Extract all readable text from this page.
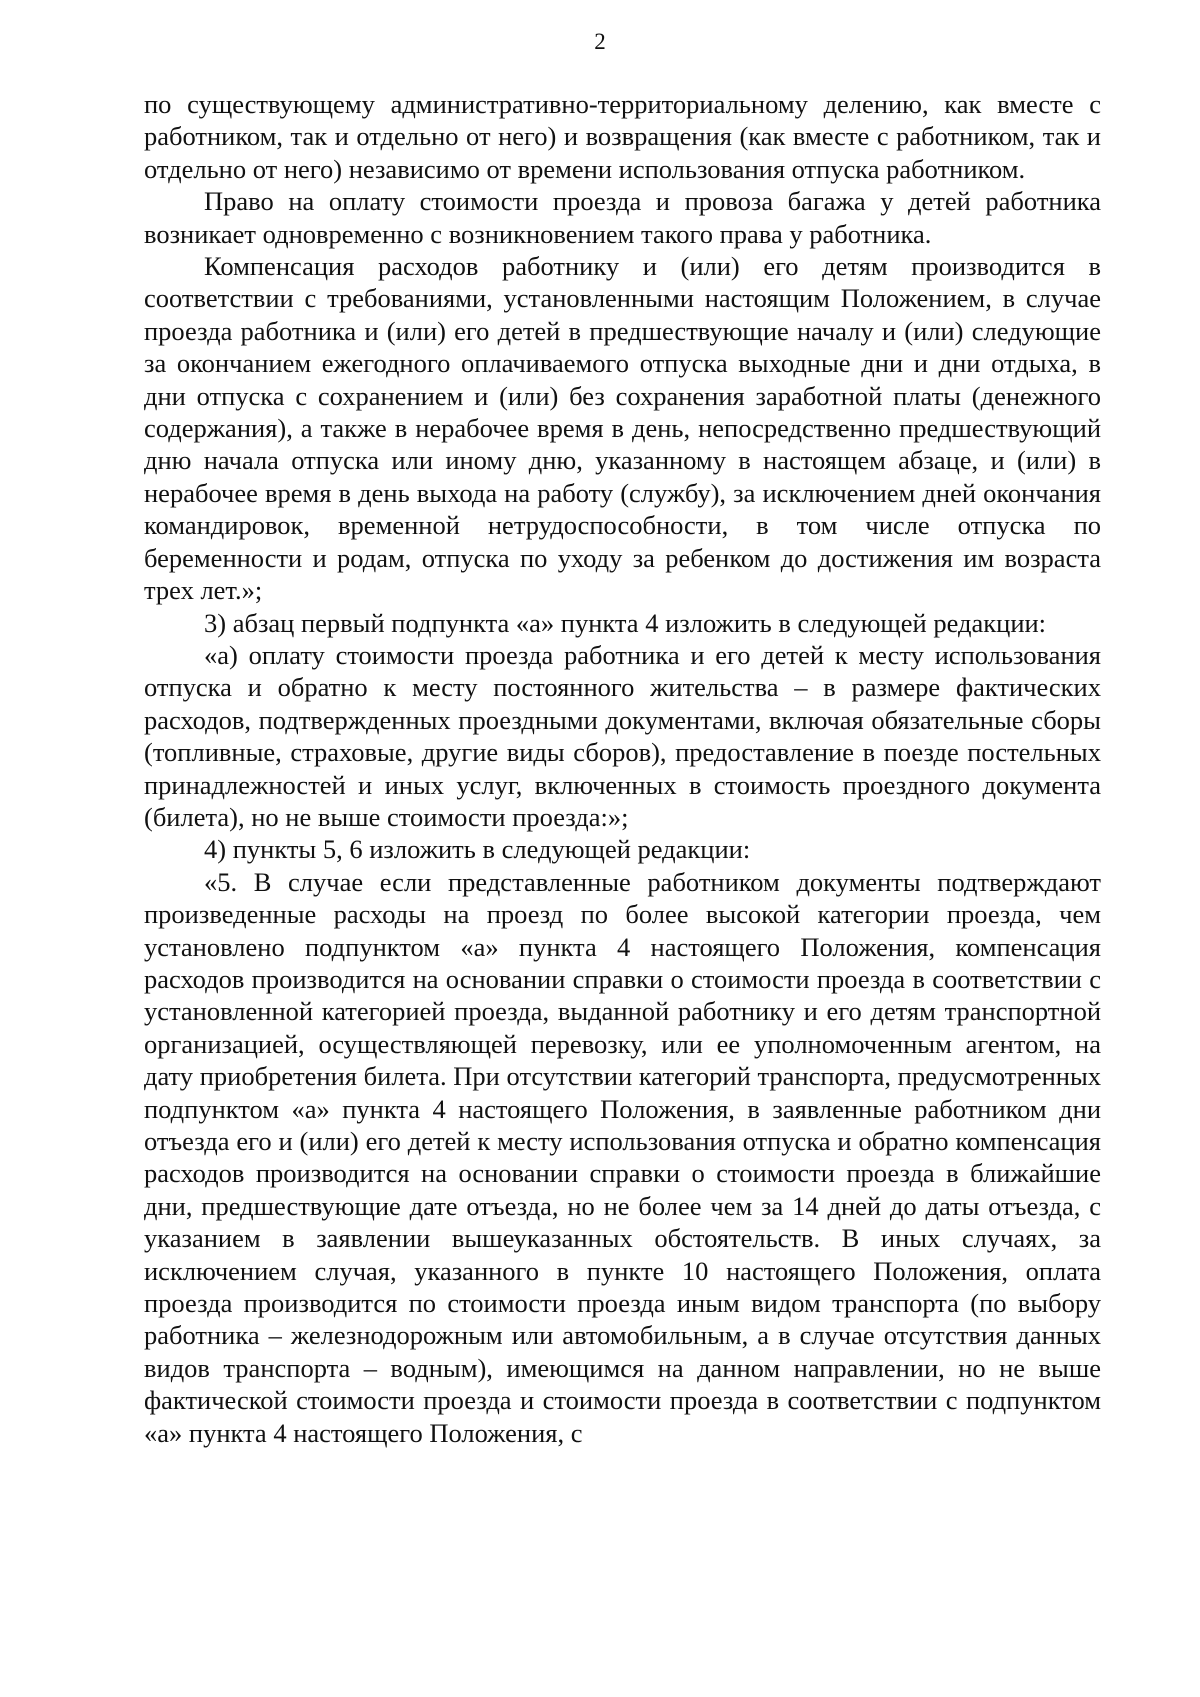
2

по существующему административно-территориальному делению, как вместе с работником, так и отдельно от него) и возвращения (как вместе с работником, так и отдельно от него) независимо от времени использования отпуска работником.

Право на оплату стоимости проезда и провоза багажа у детей работника возникает одновременно с возникновением такого права у работника.

Компенсация расходов работнику и (или) его детям производится в соответствии с требованиями, установленными настоящим Положением, в случае проезда работника и (или) его детей в предшествующие началу и (или) следующие за окончанием ежегодного оплачиваемого отпуска выходные дни и дни отдыха, в дни отпуска с сохранением и (или) без сохранения заработной платы (денежного содержания), а также в нерабочее время в день, непосредственно предшествующий дню начала отпуска или иному дню, указанному в настоящем абзаце, и (или) в нерабочее время в день выхода на работу (службу), за исключением дней окончания командировок, временной нетрудоспособности, в том числе отпуска по беременности и родам, отпуска по уходу за ребенком до достижения им возраста трех лет.»;

3) абзац первый подпункта «а» пункта 4 изложить в следующей редакции:

«а) оплату стоимости проезда работника и его детей к месту использования отпуска и обратно к месту постоянного жительства – в размере фактических расходов, подтвержденных проездными документами, включая обязательные сборы (топливные, страховые, другие виды сборов), предоставление в поезде постельных принадлежностей и иных услуг, включенных в стоимость проездного документа (билета), но не выше стоимости проезда:»;

4) пункты 5, 6 изложить в следующей редакции:

«5. В случае если представленные работником документы подтверждают произведенные расходы на проезд по более высокой категории проезда, чем установлено подпунктом «а» пункта 4 настоящего Положения, компенсация расходов производится на основании справки о стоимости проезда в соответствии с установленной категорией проезда, выданной работнику и его детям транспортной организацией, осуществляющей перевозку, или ее уполномоченным агентом, на дату приобретения билета. При отсутствии категорий транспорта, предусмотренных подпунктом «а» пункта 4 настоящего Положения, в заявленные работником дни отъезда его и (или) его детей к месту использования отпуска и обратно компенсация расходов производится на основании справки о стоимости проезда в ближайшие дни, предшествующие дате отъезда, но не более чем за 14 дней до даты отъезда, с указанием в заявлении вышеуказанных обстоятельств. В иных случаях, за исключением случая, указанного в пункте 10 настоящего Положения, оплата проезда производится по стоимости проезда иным видом транспорта (по выбору работника – железнодорожным или автомобильным, а в случае отсутствия данных видов транспорта – водным), имеющимся на данном направлении, но не выше фактической стоимости проезда и стоимости проезда в соответствии с подпунктом «а» пункта 4 настоящего Положения, с
